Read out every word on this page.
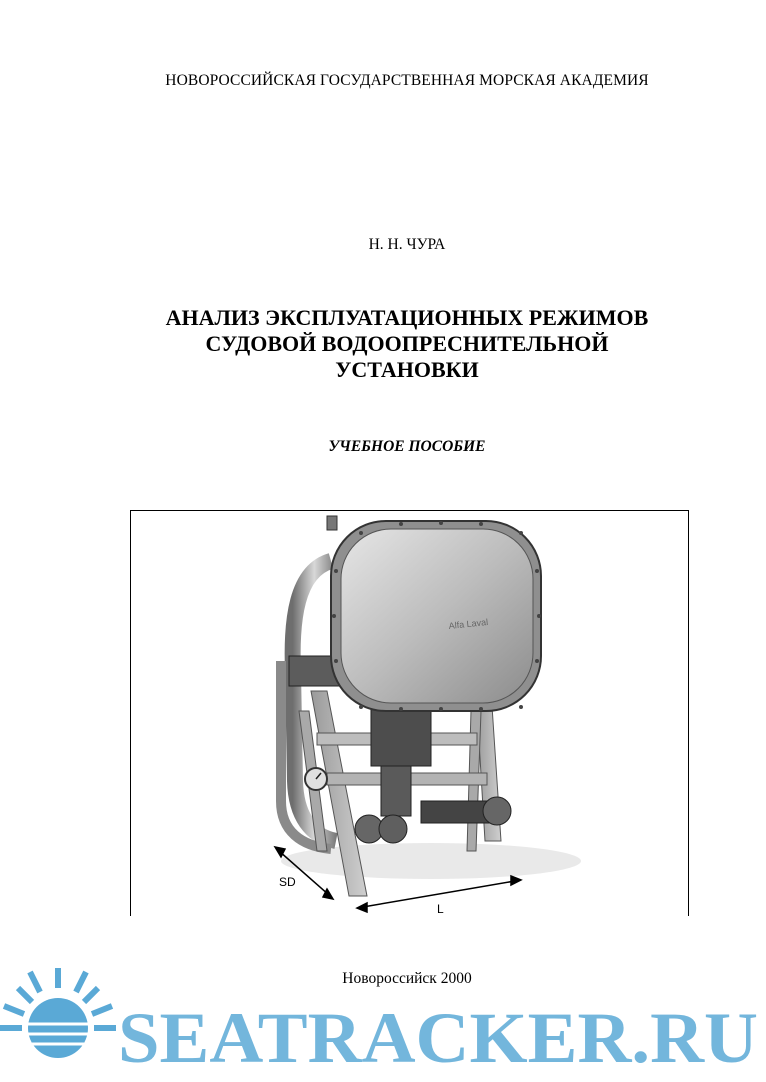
НОВОРОССИЙСКАЯ ГОСУДАРСТВЕННАЯ МОРСКАЯ АКАДЕМИЯ
Н. Н. ЧУРА
АНАЛИЗ ЭКСПЛУАТАЦИОННЫХ РЕЖИМОВ
СУДОВОЙ ВОДООПРЕСНИТЕЛЬНОЙ
УСТАНОВКИ
УЧЕБНОЕ ПОСОБИЕ
Alfa Laval
SD
L
Новороссийск 2000
SEATRACKER.RU
